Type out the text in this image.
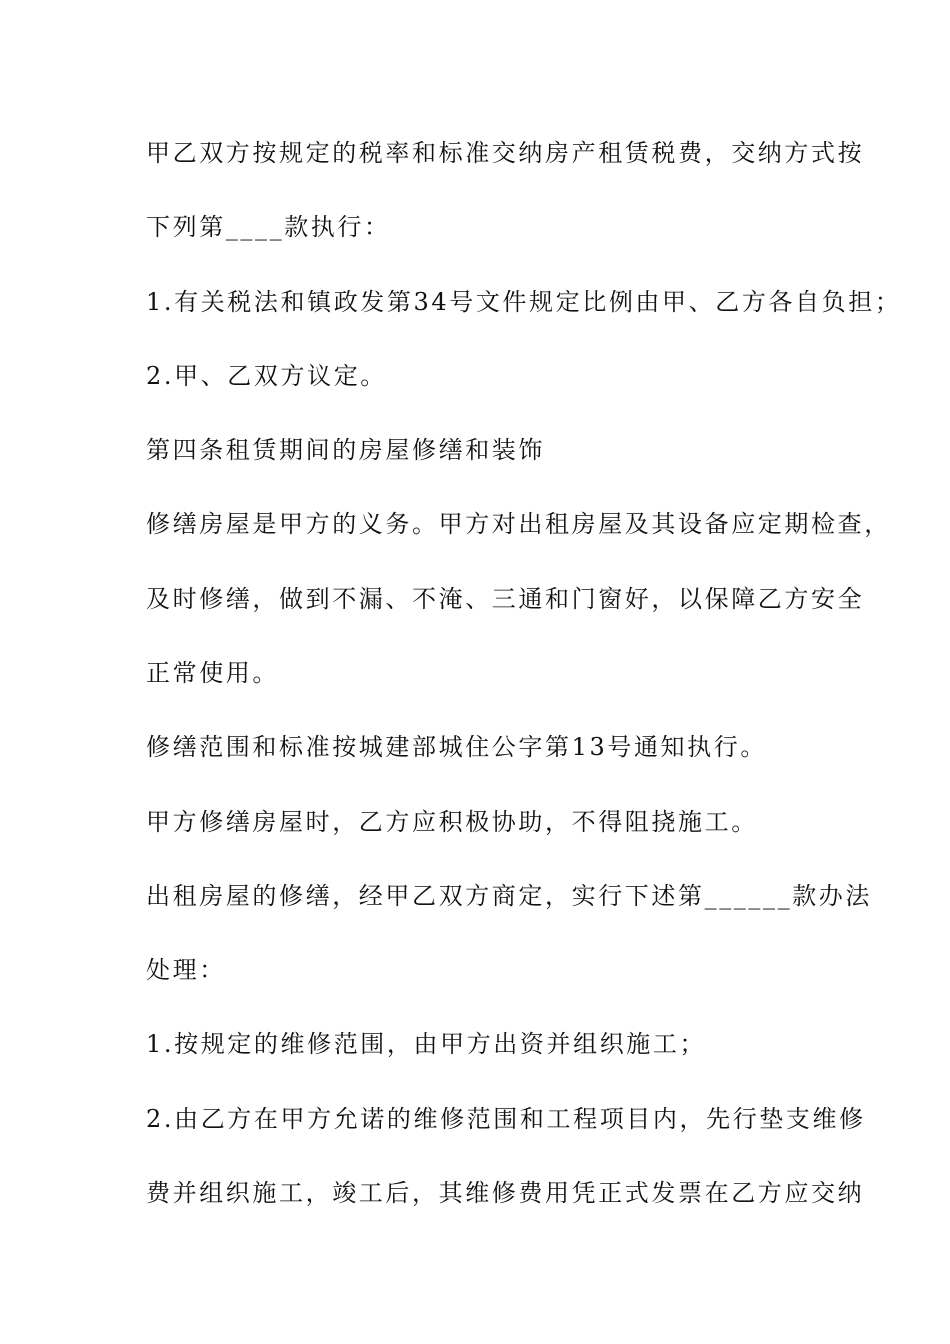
甲乙双方按规定的税率和标准交纳房产租赁税费，交纳方式按
下列第____款执行：
1.有关税法和镇政发第34号文件规定比例由甲、乙方各自负担；
2.甲、乙双方议定。
第四条租赁期间的房屋修缮和装饰
修缮房屋是甲方的义务。甲方对出租房屋及其设备应定期检查，
及时修缮，做到不漏、不淹、三通和门窗好，以保障乙方安全
正常使用。
修缮范围和标准按城建部城住公字第13号通知执行。
甲方修缮房屋时，乙方应积极协助，不得阻挠施工。
出租房屋的修缮，经甲乙双方商定，实行下述第______款办法
处理：
1.按规定的维修范围，由甲方出资并组织施工；
2.由乙方在甲方允诺的维修范围和工程项目内，先行垫支维修
费并组织施工，竣工后，其维修费用凭正式发票在乙方应交纳
